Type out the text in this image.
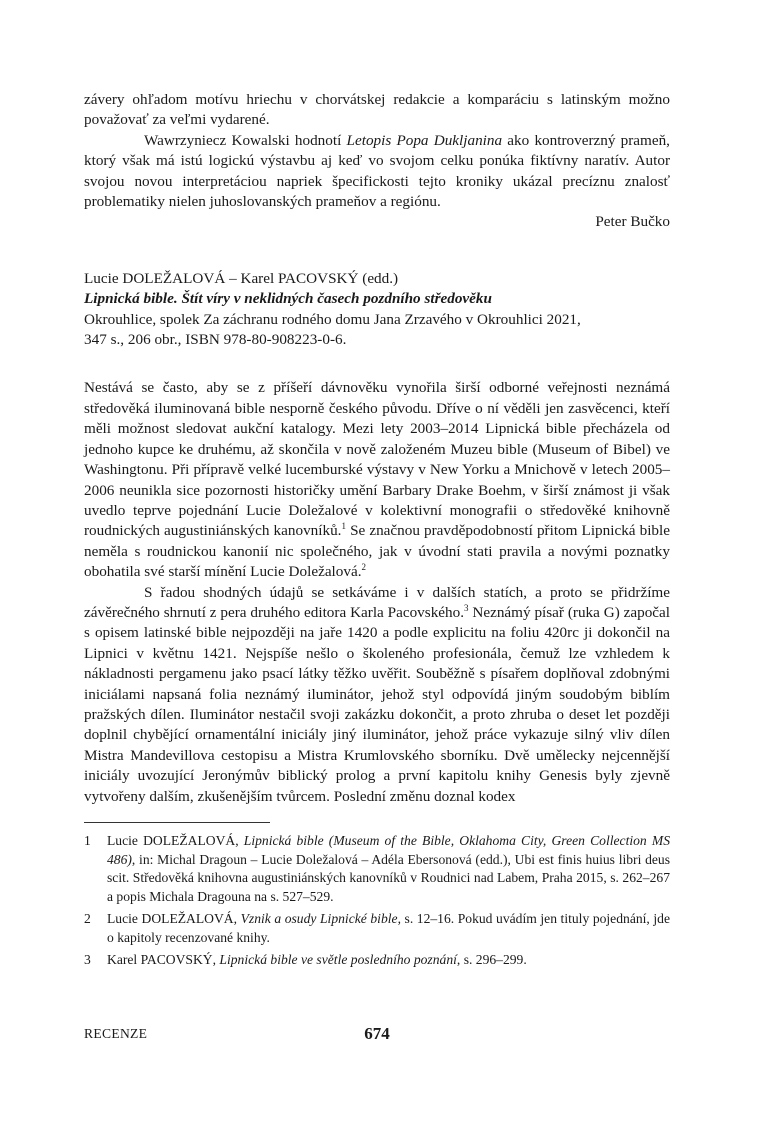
závery ohľadom motívu hriechu v chorvátskej redakcie a komparáciu s latinským možno považovať za veľmi vydarené.

Wawrzyniecz Kowalski hodnotí Letopis Popa Dukljanina ako kontroverzný prameň, ktorý však má istú logickú výstavbu aj keď vo svojom celku ponúka fiktívny naratív. Autor svojou novou interpretáciou napriek špecifickosti tejto kroniky ukázal precíznu znalosť problematiky nielen juhoslovanských prameňov a regiónu.

Peter Bučko

Lucie DOLEŽALOVÁ – Karel PACOVSKÝ (edd.)

Lipnická bible. Štít víry v neklidných časech pozdního středověku

Okrouhlice, spolek Za záchranu rodného domu Jana Zrzavého v Okrouhlici 2021,

347 s., 206 obr., ISBN 978-80-908223-0-6.

Nestává se často, aby se z příšeří dávnověku vynořila širší odborné veřejnosti neznámá středověká iluminovaná bible nesporně českého původu. Dříve o ní věděli jen zasvěcenci, kteří měli možnost sledovat aukční katalogy. Mezi lety 2003–2014 Lipnická bible přecházela od jednoho kupce ke druhému, až skončila v nově založeném Muzeu bible (Museum of Bibel) ve Washingtonu. Při přípravě velké lucemburské výstavy v New Yorku a Mnichově v letech 2005–2006 neunikla sice pozornosti historičky umění Barbary Drake Boehm, v širší známost ji však uvedlo teprve pojednání Lucie Doležalové v kolektivní monografii o středověké knihovně roudnických augustiniánských kanovníků.$^1$ Se značnou pravděpodobností přitom Lipnická bible neměla s roudnickou kanonií nic společného, jak v úvodní stati pravila a novými poznatky obohatila své starší mínění Lucie Doležalová.$^2$

S řadou shodných údajů se setkáváme i v dalších statích, a proto se přidržíme závěrečného shrnutí z pera druhého editora Karla Pacovského.$^3$ Neznámý písař (ruka G) započal s opisem latinské bible nejpozději na jaře 1420 a podle explicitu na foliu 420rc ji dokončil na Lipnici v květnu 1421. Nejspíše nešlo o školeného profesionála, čemuž lze vzhledem k nákladnosti pergamenu jako psací látky těžko uvěřit. Souběžně s písařem doplňoval zdobnými iniciálami napsaná folia neznámý iluminátor, jehož styl odpovídá jiným soudobým biblím pražských dílen. Iluminátor nestačil svoji zakázku dokončit, a proto zhruba o deset let později doplnil chybějící ornamentální iniciály jiný iluminátor, jehož práce vykazuje silný vliv dílen Mistra Mandevillova cestopisu a Mistra Krumlovského sborníku. Dvě umělecky nejcennější iniciály uvozující Jeronýmův biblický prolog a první kapitolu knihy Genesis byly zjevně vytvořeny dalším, zkušenějším tvůrcem. Poslední změnu doznal kodex

1	Lucie DOLEŽALOVÁ, Lipnická bible (Museum of the Bible, Oklahoma City, Green Collection MS 486), in: Michal Dragoun – Lucie Doležalová – Adéla Ebersonová (edd.), Ubi est finis huius libri deus scit. Středověká knihovna augustiniánských kanovníků v Roudnici nad Labem, Praha 2015, s. 262–267 a popis Michala Dragouna na s. 527–529.
2	Lucie DOLEŽALOVÁ, Vznik a osudy Lipnické bible, s. 12–16. Pokud uvádím jen tituly pojednání, jde o kapitoly recenzované knihy.
3	Karel PACOVSKÝ, Lipnická bible ve světle posledního poznání, s. 296–299.
RECENZE	674
